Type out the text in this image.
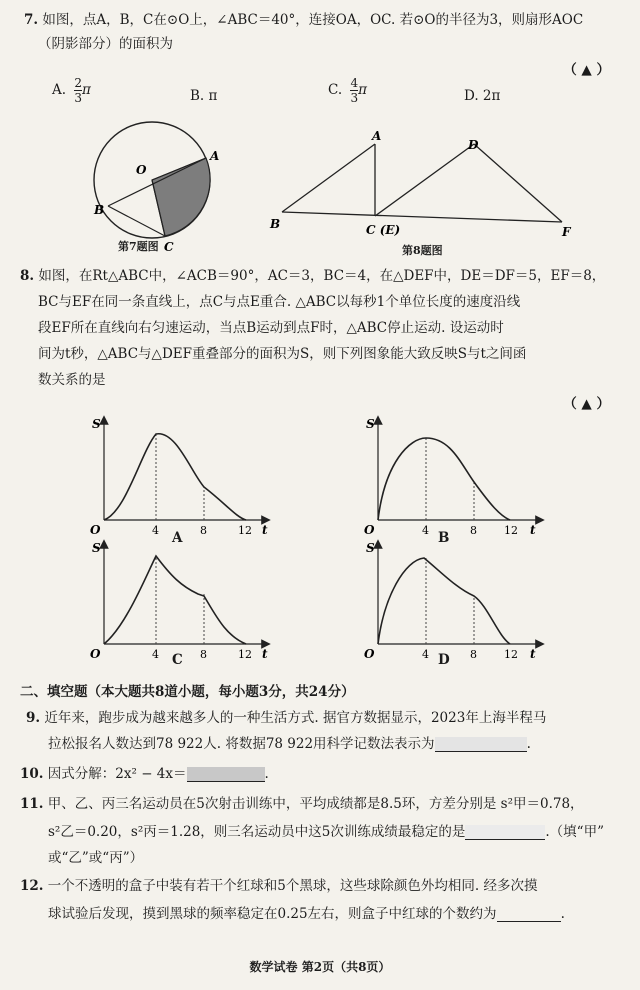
7. 如图，点A，B，C在⊙O上，∠ABC＝40°，连接OA，OC. 若⊙O的半径为3，则扇形AOC
（阴影部分）的面积为
（ ▲ ）
A. $\frac{2}{3}$ π	B. π	C. $\frac{4}{3}$ π	D. 2π
O
A
B
C
第7题图
A
D
B	C (E)	F
第8题图
8. 如图，在Rt△ABC中，∠ACB＝90°，AC＝3，BC＝4，在△DEF中，DE＝DF＝5，EF＝8，
BC与EF在同一条直线上，点C与点E重合. △ABC以每秒1个单位长度的速度沿线
段EF所在直线向右匀速运动，当点B运动到点F时，△ABC停止运动. 设运动时
间为t秒，△ABC与△DEF重叠部分的面积为S，则下列图象能大致反映S与t之间函
数关系的是
（ ▲ ）
S
O	4	8	12 t
A
S
O	4	8 12 t
B
S
O	4	8	12 t
C
S
O	4	8 12 t
D
二、填空题（本大题共8道小题，每小题3分，共24分）
9. 近年来，跑步成为越来越多人的一种生活方式. 据官方数据显示，2023年上海半程马
拉松报名人数达到78 922人. 将数据78 922用科学记数法表示为	.
10. 因式分解：2x² − 4x＝	.
11. 甲、乙、丙三名运动员在5次射击训练中，平均成绩都是8.5环，方差分别是 s²甲＝0.78，
s²乙＝0.20，s²丙＝1.28，则三名运动员中这5次训练成绩最稳定的是	.（填“甲”
或“乙”或“丙”）
12. 一个不透明的盒子中装有若干个红球和5个黑球，这些球除颜色外均相同. 经多次摸
球试验后发现，摸到黑球的频率稳定在0.25左右，则盒子中红球的个数约为	.
数学试卷 第2页（共8页）
